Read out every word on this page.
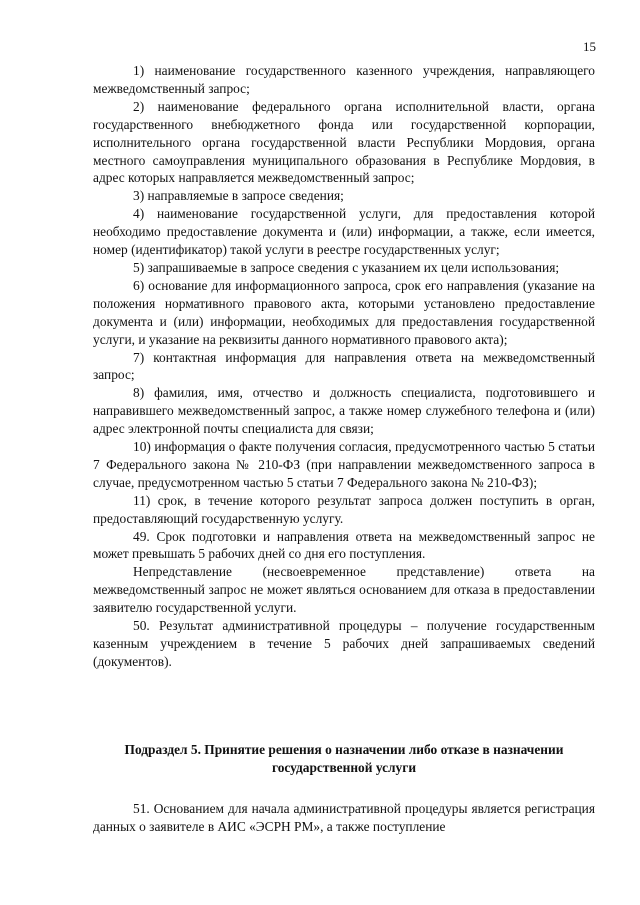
15

1) наименование государственного казенного учреждения, направляющего межведомственный запрос;

2) наименование федерального органа исполнительной власти, органа государственного внебюджетного фонда или государственной корпорации, исполнительного органа государственной власти Республики Мордовия, органа местного самоуправления муниципального образования в Республике Мордовия, в адрес которых направляется межведомственный запрос;

3) направляемые в запросе сведения;

4) наименование государственной услуги, для предоставления которой необходимо предоставление документа и (или) информации, а также, если имеется, номер (идентификатор) такой услуги в реестре государственных услуг;

5) запрашиваемые в запросе сведения с указанием их цели использования;

6) основание для информационного запроса, срок его направления (указание на положения нормативного правового акта, которыми установлено предоставление документа и (или) информации, необходимых для предоставления государственной услуги, и указание на реквизиты данного нормативного правового акта);

7) контактная информация для направления ответа на межведомственный запрос;

8) фамилия, имя, отчество и должность специалиста, подготовившего и направившего межведомственный запрос, а также номер служебного телефона и (или) адрес электронной почты специалиста для связи;

10) информация о факте получения согласия, предусмотренного частью 5 статьи 7 Федерального закона № 210-ФЗ (при направлении межведомственного запроса в случае, предусмотренном частью 5 статьи 7 Федерального закона № 210-ФЗ);

11) срок, в течение которого результат запроса должен поступить в орган, предоставляющий государственную услугу.

49. Срок подготовки и направления ответа на межведомственный запрос не может превышать 5 рабочих дней со дня его поступления.

Непредставление (несвоевременное представление) ответа на межведомственный запрос не может являться основанием для отказа в предоставлении заявителю государственной услуги.

50. Результат административной процедуры – получение государственным казенным учреждением в течение 5 рабочих дней запрашиваемых сведений (документов).

Подраздел 5. Принятие решения о назначении либо отказе в назначении государственной услуги

51. Основанием для начала административной процедуры является регистрация данных о заявителе в АИС «ЭСРН РМ», а также поступление
